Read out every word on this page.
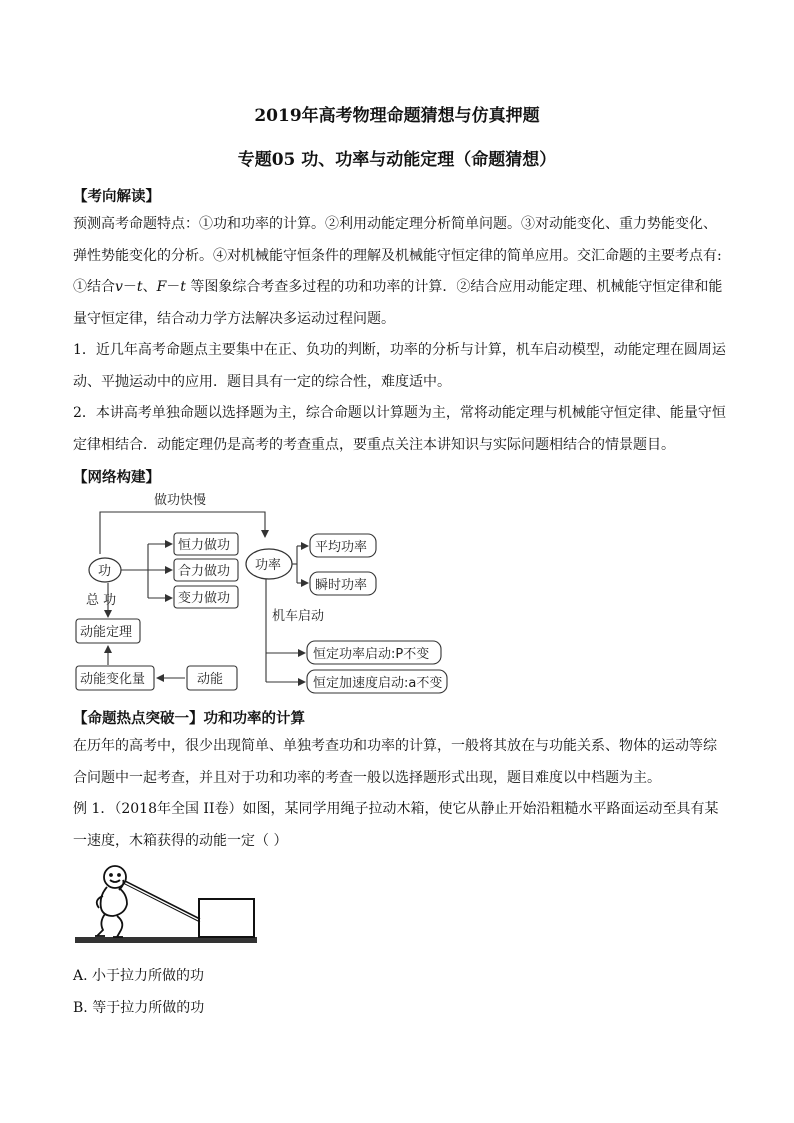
2019年高考物理命题猜想与仿真押题
专题05 功、功率与动能定理（命题猜想）
【考向解读】
预测高考命题特点：①功和功率的计算。②利用动能定理分析简单问题。③对动能变化、重力势能变化、
弹性势能变化的分析。④对机械能守恒条件的理解及机械能守恒定律的简单应用。交汇命题的主要考点有:
①结合v－t、F－t 等图象综合考查多过程的功和功率的计算．②结合应用动能定理、机械能守恒定律和能
量守恒定律，结合动力学方法解决多运动过程问题。
1．近几年高考命题点主要集中在正、负功的判断，功率的分析与计算，机车启动模型，动能定理在圆周运
动、平抛运动中的应用．题目具有一定的综合性，难度适中。
2．本讲高考单独命题以选择题为主，综合命题以计算题为主，常将动能定理与机械能守恒定律、能量守恒
定律相结合．动能定理仍是高考的考查重点，要重点关注本讲知识与实际问题相结合的情景题目。
【网络构建】
做功快慢
功
恒力做功
合力做功
变力做功
功率
平均功率
瞬时功率
总 功
动能定理
机车启动
恒定功率启动:P不变
恒定加速度启动:a不变
动能变化量	动能
【命题热点突破一】功和功率的计算
在历年的高考中，很少出现简单、单独考查功和功率的计算，一般将其放在与功能关系、物体的运动等综
合问题中一起考查，并且对于功和功率的考查一般以选择题形式出现，题目难度以中档题为主。
例 1．（2018年全国 II卷）如图，某同学用绳子拉动木箱，使它从静止开始沿粗糙水平路面运动至具有某
一速度，木箱获得的动能一定（ ）
A. 小于拉力所做的功
B. 等于拉力所做的功
